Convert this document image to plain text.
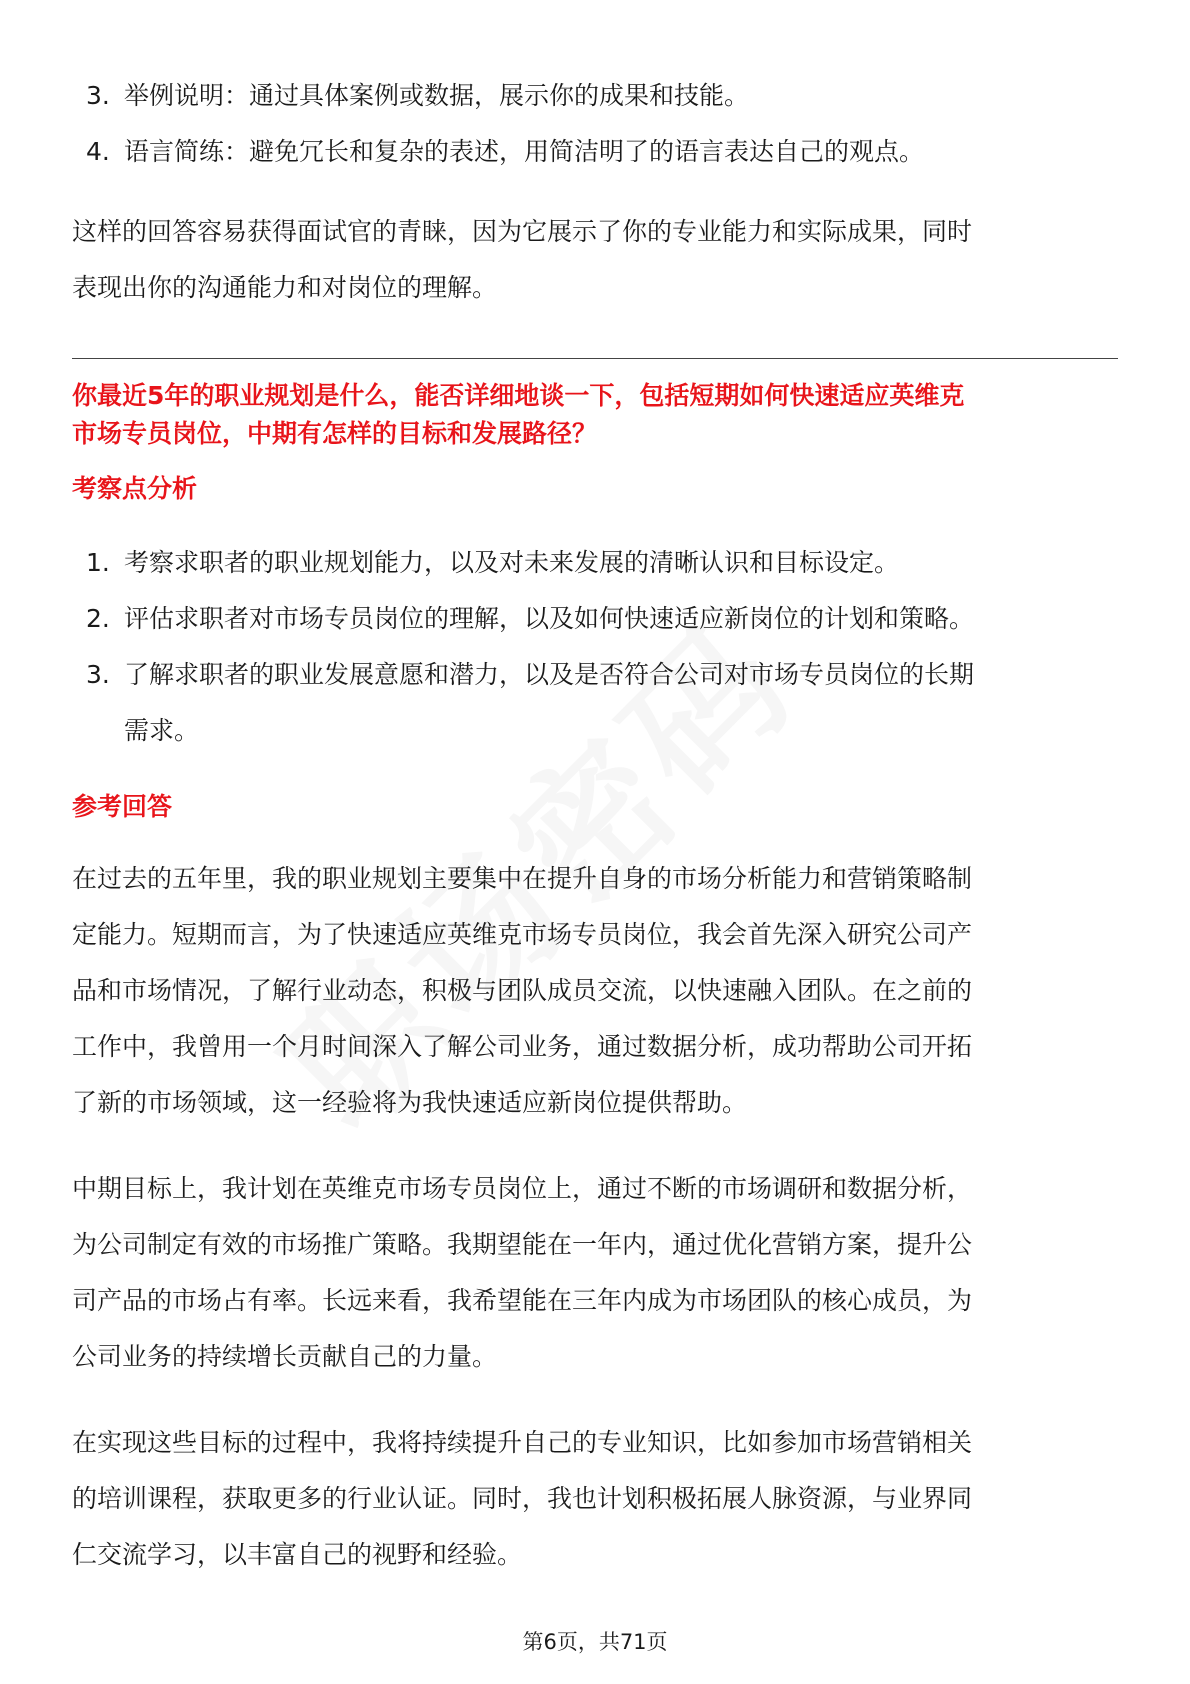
3. 举例说明：通过具体案例或数据，展示你的成果和技能。
4. 语言简练：避免冗长和复杂的表述，用简洁明了的语言表达自己的观点。
这样的回答容易获得面试官的青睐，因为它展示了你的专业能力和实际成果，同时
表现出你的沟通能力和对岗位的理解。
你最近5年的职业规划是什么，能否详细地谈一下，包括短期如何快速适应英维克
市场专员岗位，中期有怎样的目标和发展路径？
考察点分析
1. 考察求职者的职业规划能力，以及对未来发展的清晰认识和目标设定。
2. 评估求职者对市场专员岗位的理解，以及如何快速适应新岗位的计划和策略。
3. 了解求职者的职业发展意愿和潜力，以及是否符合公司对市场专员岗位的长期
需求。
参考回答
在过去的五年里，我的职业规划主要集中在提升自身的市场分析能力和营销策略制
定能力。短期而言，为了快速适应英维克市场专员岗位，我会首先深入研究公司产
品和市场情况，了解行业动态，积极与团队成员交流，以快速融入团队。在之前的
工作中，我曾用一个月时间深入了解公司业务，通过数据分析，成功帮助公司开拓
了新的市场领域，这一经验将为我快速适应新岗位提供帮助。
中期目标上，我计划在英维克市场专员岗位上，通过不断的市场调研和数据分析，
为公司制定有效的市场推广策略。我期望能在一年内，通过优化营销方案，提升公
司产品的市场占有率。长远来看，我希望能在三年内成为市场团队的核心成员，为
公司业务的持续增长贡献自己的力量。
在实现这些目标的过程中，我将持续提升自己的专业知识，比如参加市场营销相关
的培训课程，获取更多的行业认证。同时，我也计划积极拓展人脉资源，与业界同
仁交流学习，以丰富自己的视野和经验。
第6页，共71页
